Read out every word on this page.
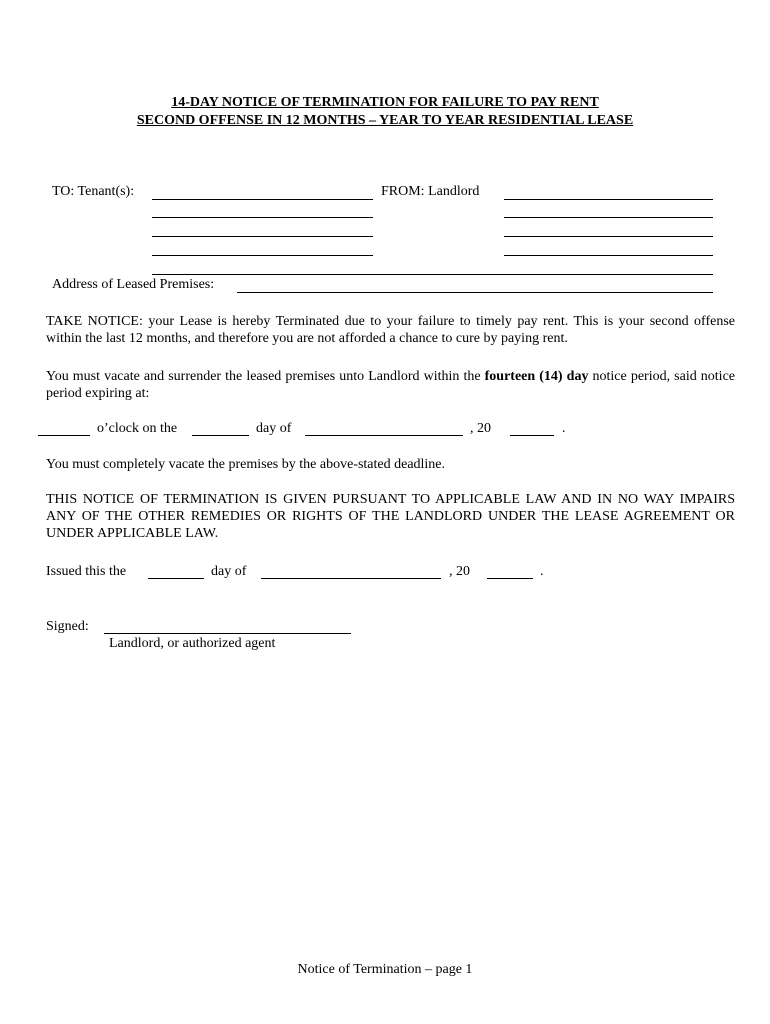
14-DAY NOTICE OF TERMINATION FOR FAILURE TO PAY RENT
SECOND OFFENSE IN 12 MONTHS – YEAR TO YEAR RESIDENTIAL LEASE
TO: Tenant(s):	FROM: Landlord
Address of Leased Premises:
TAKE NOTICE: your Lease is hereby Terminated due to your failure to timely pay rent. This is your second offense within the last 12 months, and therefore you are not afforded a chance to cure by paying rent.
You must vacate and surrender the leased premises unto Landlord within the fourteen (14) day notice period, said notice period expiring at:
o’clock on the	day of	, 20	.
You must completely vacate the premises by the above-stated deadline.
THIS NOTICE OF TERMINATION IS GIVEN PURSUANT TO APPLICABLE LAW AND IN NO WAY IMPAIRS ANY OF THE OTHER REMEDIES OR RIGHTS OF THE LANDLORD UNDER THE LEASE AGREEMENT OR UNDER APPLICABLE LAW.
Issued this the	day of	, 20	.
Signed:
Landlord, or authorized agent
Notice of Termination – page 1
